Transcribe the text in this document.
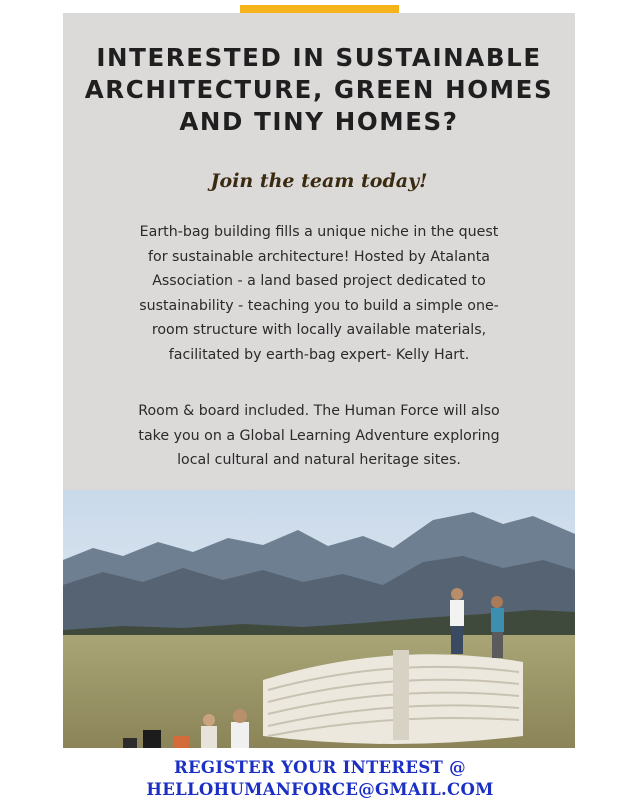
INTERESTED IN SUSTAINABLE ARCHITECTURE, GREEN HOMES AND TINY HOMES?
Join the team today!
Earth-bag building fills a unique niche in the quest for sustainable architecture! Hosted by Atalanta Association - a land based project dedicated to sustainability - teaching you to build a simple one-room structure with locally available materials, facilitated by earth-bag expert- Kelly Hart.
Room & board included. The Human Force will also take you on a Global Learning Adventure exploring local cultural and natural heritage sites.
REGISTER YOUR INTEREST @
HELLOHUMANFORCE@GMAIL.COM
